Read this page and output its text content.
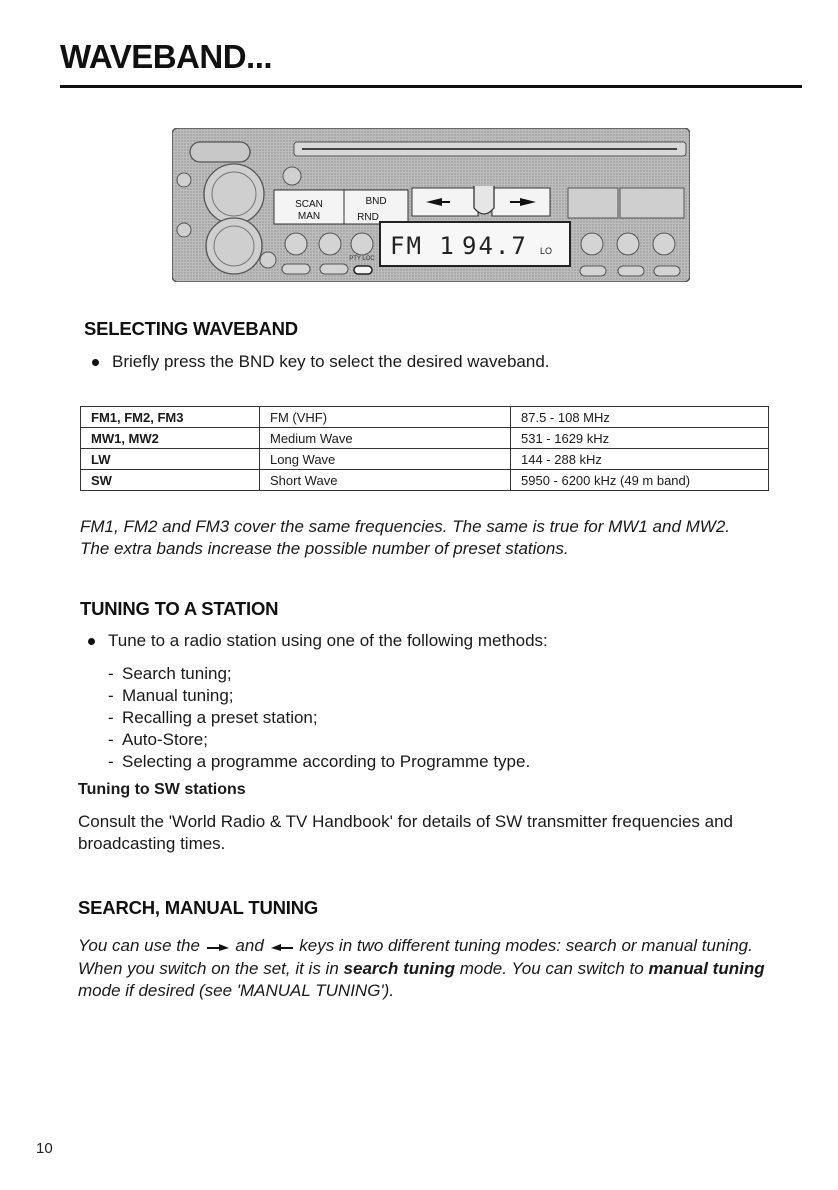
WAVEBAND...
SCAN
MAN
BND
RND
PTY LOC FM 1 94.7 LO
SELECTING WAVEBAND
Briefly press the BND key to select the desired waveband.
FM1, FM2, FM3	FM (VHF)	87.5 - 108 MHz
MW1, MW2	Medium Wave	531 - 1629 kHz
LW	Long Wave	144 - 288 kHz
SW	Short Wave	5950 - 6200 kHz (49 m band)
FM1, FM2 and FM3 cover the same frequencies. The same is true for MW1 and MW2.
The extra bands increase the possible number of preset stations.
TUNING TO A STATION
Tune to a radio station using one of the following methods:
- Search tuning;
- Manual tuning;
- Recalling a preset station;
- Auto-Store;
- Selecting a programme according to Programme type.
Tuning to SW stations
Consult the 'World Radio & TV Handbook' for details of SW transmitter frequencies and
broadcasting times.
SEARCH, MANUAL TUNING
You can use the and keys in two different tuning modes: search or manual tuning.
When you switch on the set, it is in search tuning mode. You can switch to manual tuning
mode if desired (see 'MANUAL TUNING').
10
